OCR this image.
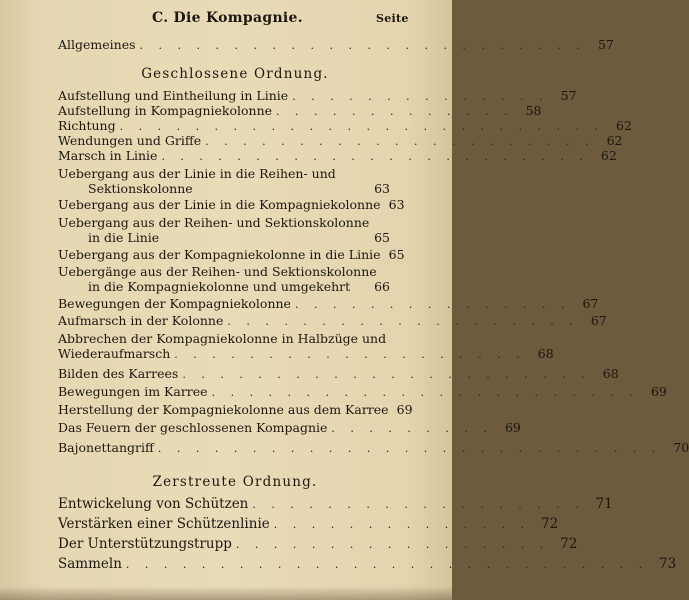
C. Die Kompagnie.	Seite
Geschlossene Ordnung.
Zerstreute Ordnung.
Allgemeines . . . . . . . . . . . . . . . . . . . . . . . . 57
Aufstellung und Eintheilung in Linie . . . . . . . . . . . . . . 57
Aufstellung in Kompagniekolonne . . . . . . . . . . . . . 58
Richtung . . . . . . . . . . . . . . . . . . . . . . . . . . 62
Wendungen und Griffe . . . . . . . . . . . . . . . . . . . . . 62
Marsch in Linie . . . . . . . . . . . . . . . . . . . . . . . 62
Uebergang aus der Linie in die Reihen- und
Sektionskolonne	63
Uebergang aus der Linie in die Kompagniekolonne 63
Uebergang aus der Reihen- und Sektionskolonne
in die Linie	65
Uebergang aus der Kompagniekolonne in die Linie 65
Uebergänge aus der Reihen- und Sektionskolonne
in die Kompagniekolonne und umgekehrt 66
Bewegungen der Kompagniekolonne . . . . . . . . . . . . . . . 67
Aufmarsch in der Kolonne . . . . . . . . . . . . . . . . . . . 67
Abbrechen der Kompagniekolonne in Halbzüge und
Wiederaufmarsch . . . . . . . . . . . . . . . . . . . 68
Bilden des Karrees . . . . . . . . . . . . . . . . . . . . . . 68
Bewegungen im Karree . . . . . . . . . . . . . . . . . . . . . . . 69
Herstellung der Kompagniekolonne aus dem Karree 69
Das Feuern der geschlossenen Kompagnie . . . . . . . . . 69
Bajonettangriff . . . . . . . . . . . . . . . . . . . . . . . . . . . 70
Entwickelung von Schützen . . . . . . . . . . . . . . . . . . 71
Verstärken einer Schützenlinie . . . . . . . . . . . . . . 72
Der Unterstützungstrupp . . . . . . . . . . . . . . . . . 72
Sammeln . . . . . . . . . . . . . . . . . . . . . . . . . . . . 73
